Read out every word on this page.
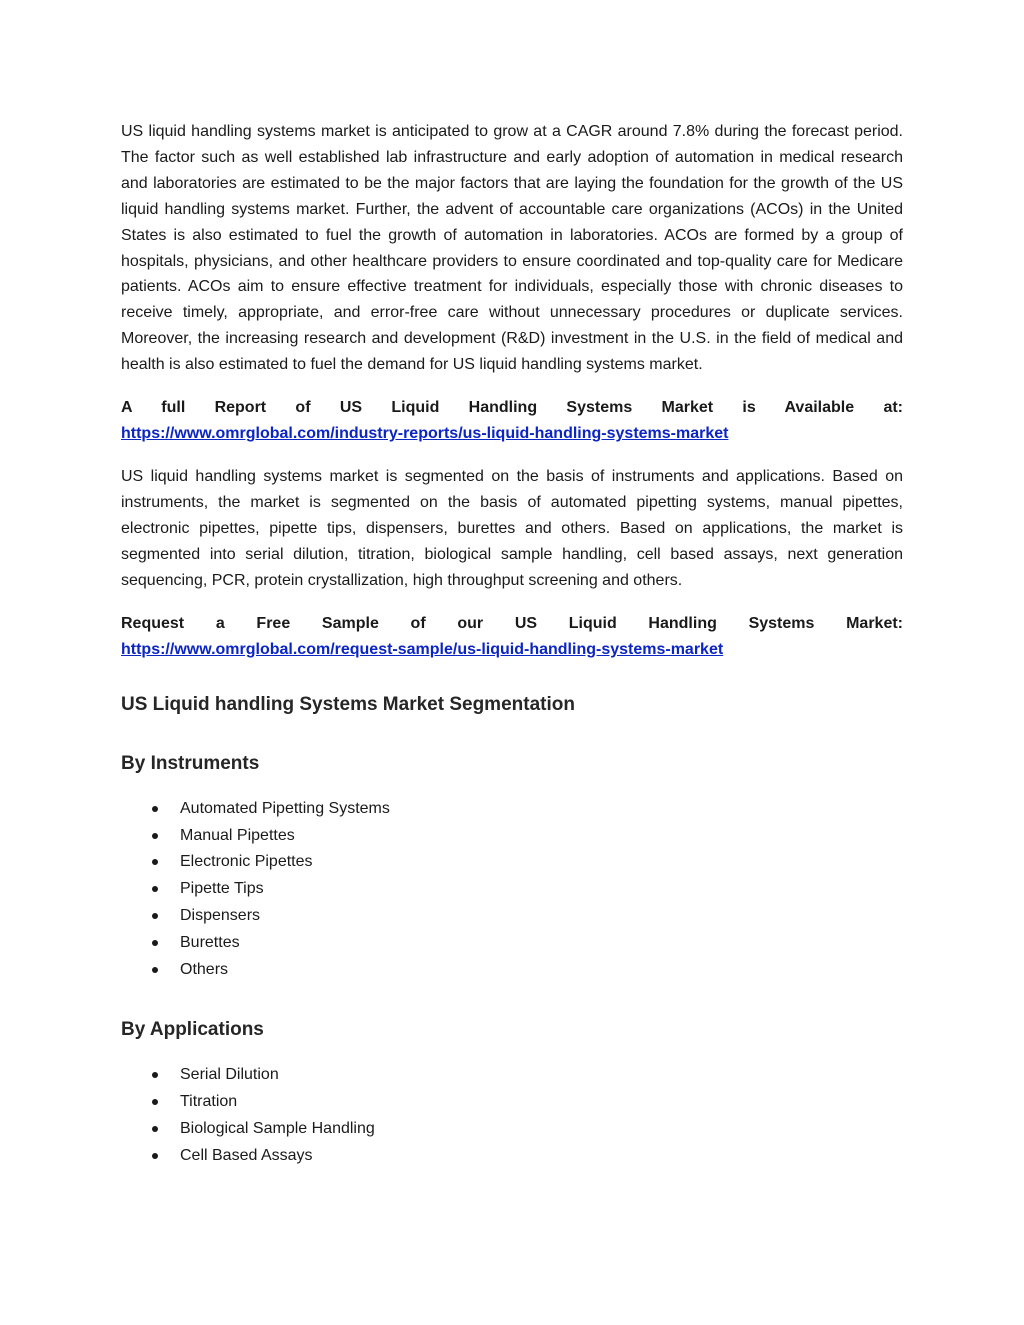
US liquid handling systems market is anticipated to grow at a CAGR around 7.8% during the forecast period. The factor such as well established lab infrastructure and early adoption of automation in medical research and laboratories are estimated to be the major factors that are laying the foundation for the growth of the US liquid handling systems market. Further, the advent of accountable care organizations (ACOs) in the United States is also estimated to fuel the growth of automation in laboratories. ACOs are formed by a group of hospitals, physicians, and other healthcare providers to ensure coordinated and top-quality care for Medicare patients. ACOs aim to ensure effective treatment for individuals, especially those with chronic diseases to receive timely, appropriate, and error-free care without unnecessary procedures or duplicate services. Moreover, the increasing research and development (R&D) investment in the U.S. in the field of medical and health is also estimated to fuel the demand for US liquid handling systems market.

A full Report of US Liquid Handling Systems Market is Available at:
https://www.omrglobal.com/industry-reports/us-liquid-handling-systems-market

US liquid handling systems market is segmented on the basis of instruments and applications. Based on instruments, the market is segmented on the basis of automated pipetting systems, manual pipettes, electronic pipettes, pipette tips, dispensers, burettes and others. Based on applications, the market is segmented into serial dilution, titration, biological sample handling, cell based assays, next generation sequencing, PCR, protein crystallization, high throughput screening and others.

Request a Free Sample of our US Liquid Handling Systems Market:
https://www.omrglobal.com/request-sample/us-liquid-handling-systems-market
US Liquid handling Systems Market Segmentation
By Instruments
Automated Pipetting Systems
Manual Pipettes
Electronic Pipettes
Pipette Tips
Dispensers
Burettes
Others
By Applications
Serial Dilution
Titration
Biological Sample Handling
Cell Based Assays
